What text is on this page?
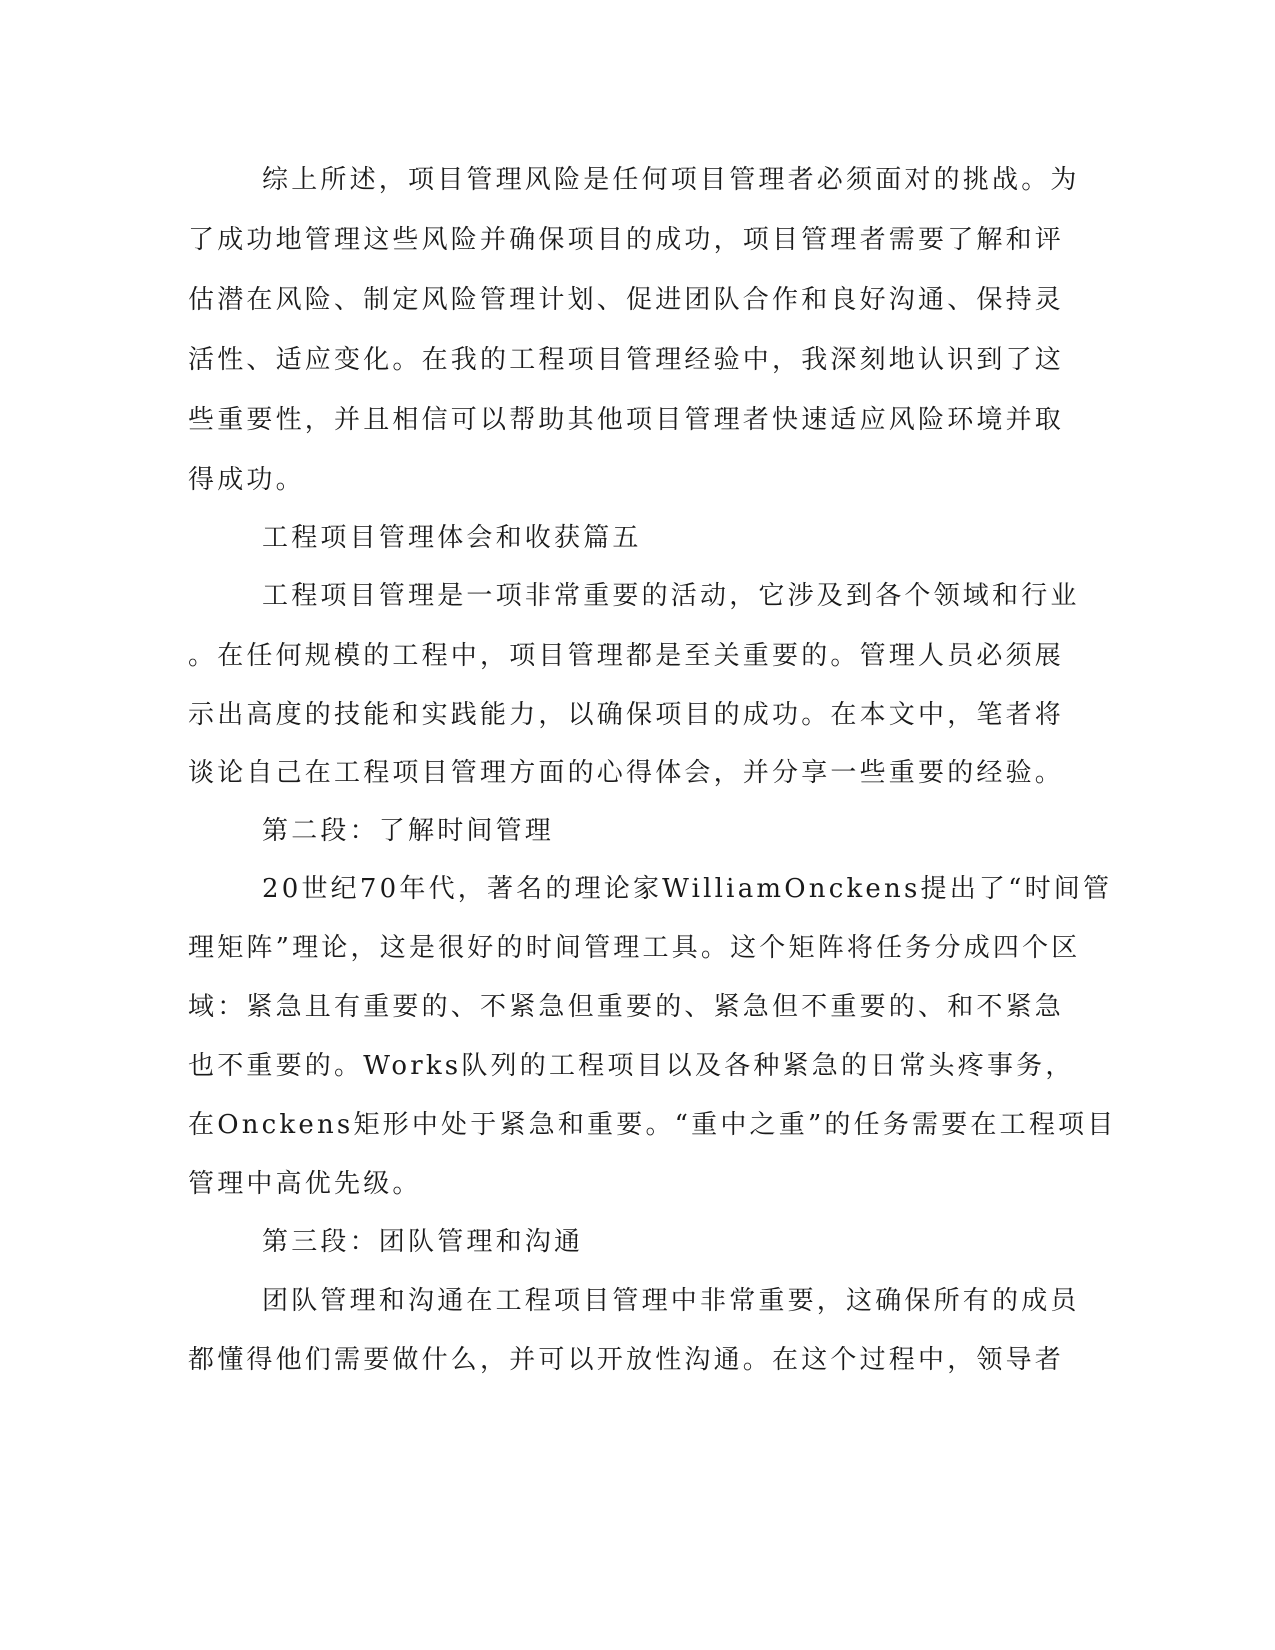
综上所述，项目管理风险是任何项目管理者必须面对的挑战。为
了成功地管理这些风险并确保项目的成功，项目管理者需要了解和评
估潜在风险、制定风险管理计划、促进团队合作和良好沟通、保持灵
活性、适应变化。在我的工程项目管理经验中，我深刻地认识到了这
些重要性，并且相信可以帮助其他项目管理者快速适应风险环境并取
得成功。
工程项目管理体会和收获篇五
工程项目管理是一项非常重要的活动，它涉及到各个领域和行业
。在任何规模的工程中，项目管理都是至关重要的。管理人员必须展
示出高度的技能和实践能力，以确保项目的成功。在本文中，笔者将
谈论自己在工程项目管理方面的心得体会，并分享一些重要的经验。
第二段：了解时间管理
20世纪70年代，著名的理论家WilliamOnckens提出了“时间管
理矩阵”理论，这是很好的时间管理工具。这个矩阵将任务分成四个区
域：紧急且有重要的、不紧急但重要的、紧急但不重要的、和不紧急
也不重要的。Works队列的工程项目以及各种紧急的日常头疼事务，
在Onckens矩形中处于紧急和重要。“重中之重”的任务需要在工程项目
管理中高优先级。
第三段：团队管理和沟通
团队管理和沟通在工程项目管理中非常重要，这确保所有的成员
都懂得他们需要做什么，并可以开放性沟通。在这个过程中，领导者
